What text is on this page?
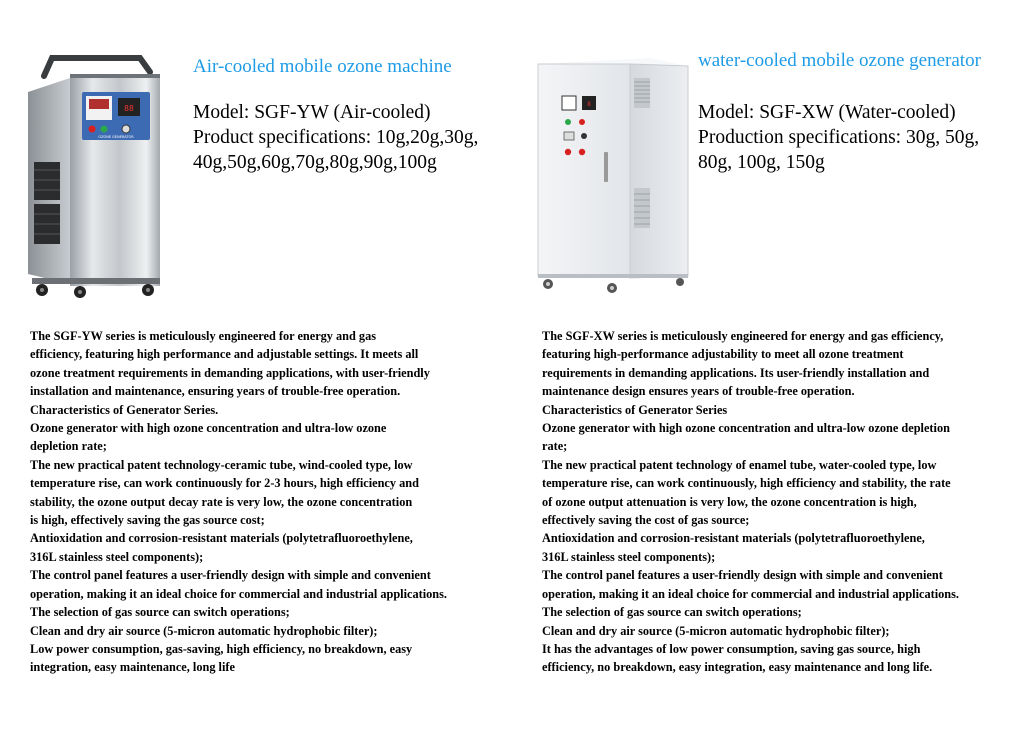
88
OZONE GENERATOR
8
Air-cooled mobile ozone machine	water-cooled mobile ozone generator
Model: SGF-YW (Air-cooled)
Product specifications: 10g,20g,30g,
40g,50g,60g,70g,80g,90g,100g
Model: SGF-XW (Water-cooled)
Production specifications: 30g, 50g,
80g, 100g, 150g
The SGF-YW series is meticulously engineered for energy and gas
efficiency, featuring high performance and adjustable settings. It meets all
ozone treatment requirements in demanding applications, with user-friendly
installation and maintenance, ensuring years of trouble-free operation.
Characteristics of Generator Series.
Ozone generator with high ozone concentration and ultra-low ozone
depletion rate;
The new practical patent technology-ceramic tube, wind-cooled type, low
temperature rise, can work continuously for 2-3 hours, high efficiency and
stability, the ozone output decay rate is very low, the ozone concentration
is high, effectively saving the gas source cost;
Antioxidation and corrosion-resistant materials (polytetrafluoroethylene,
316L stainless steel components);
The control panel features a user-friendly design with simple and convenient
operation, making it an ideal choice for commercial and industrial applications.
The selection of gas source can switch operations;
Clean and dry air source (5-micron automatic hydrophobic filter);
Low power consumption, gas-saving, high efficiency, no breakdown, easy
integration, easy maintenance, long life
The SGF-XW series is meticulously engineered for energy and gas efficiency,
featuring high-performance adjustability to meet all ozone treatment
requirements in demanding applications. Its user-friendly installation and
maintenance design ensures years of trouble-free operation.
Characteristics of Generator Series
Ozone generator with high ozone concentration and ultra-low ozone depletion
rate;
The new practical patent technology of enamel tube, water-cooled type, low
temperature rise, can work continuously, high efficiency and stability, the rate
of ozone output attenuation is very low, the ozone concentration is high,
effectively saving the cost of gas source;
Antioxidation and corrosion-resistant materials (polytetrafluoroethylene,
316L stainless steel components);
The control panel features a user-friendly design with simple and convenient
operation, making it an ideal choice for commercial and industrial applications.
The selection of gas source can switch operations;
Clean and dry air source (5-micron automatic hydrophobic filter);
It has the advantages of low power consumption, saving gas source, high
efficiency, no breakdown, easy integration, easy maintenance and long life.
